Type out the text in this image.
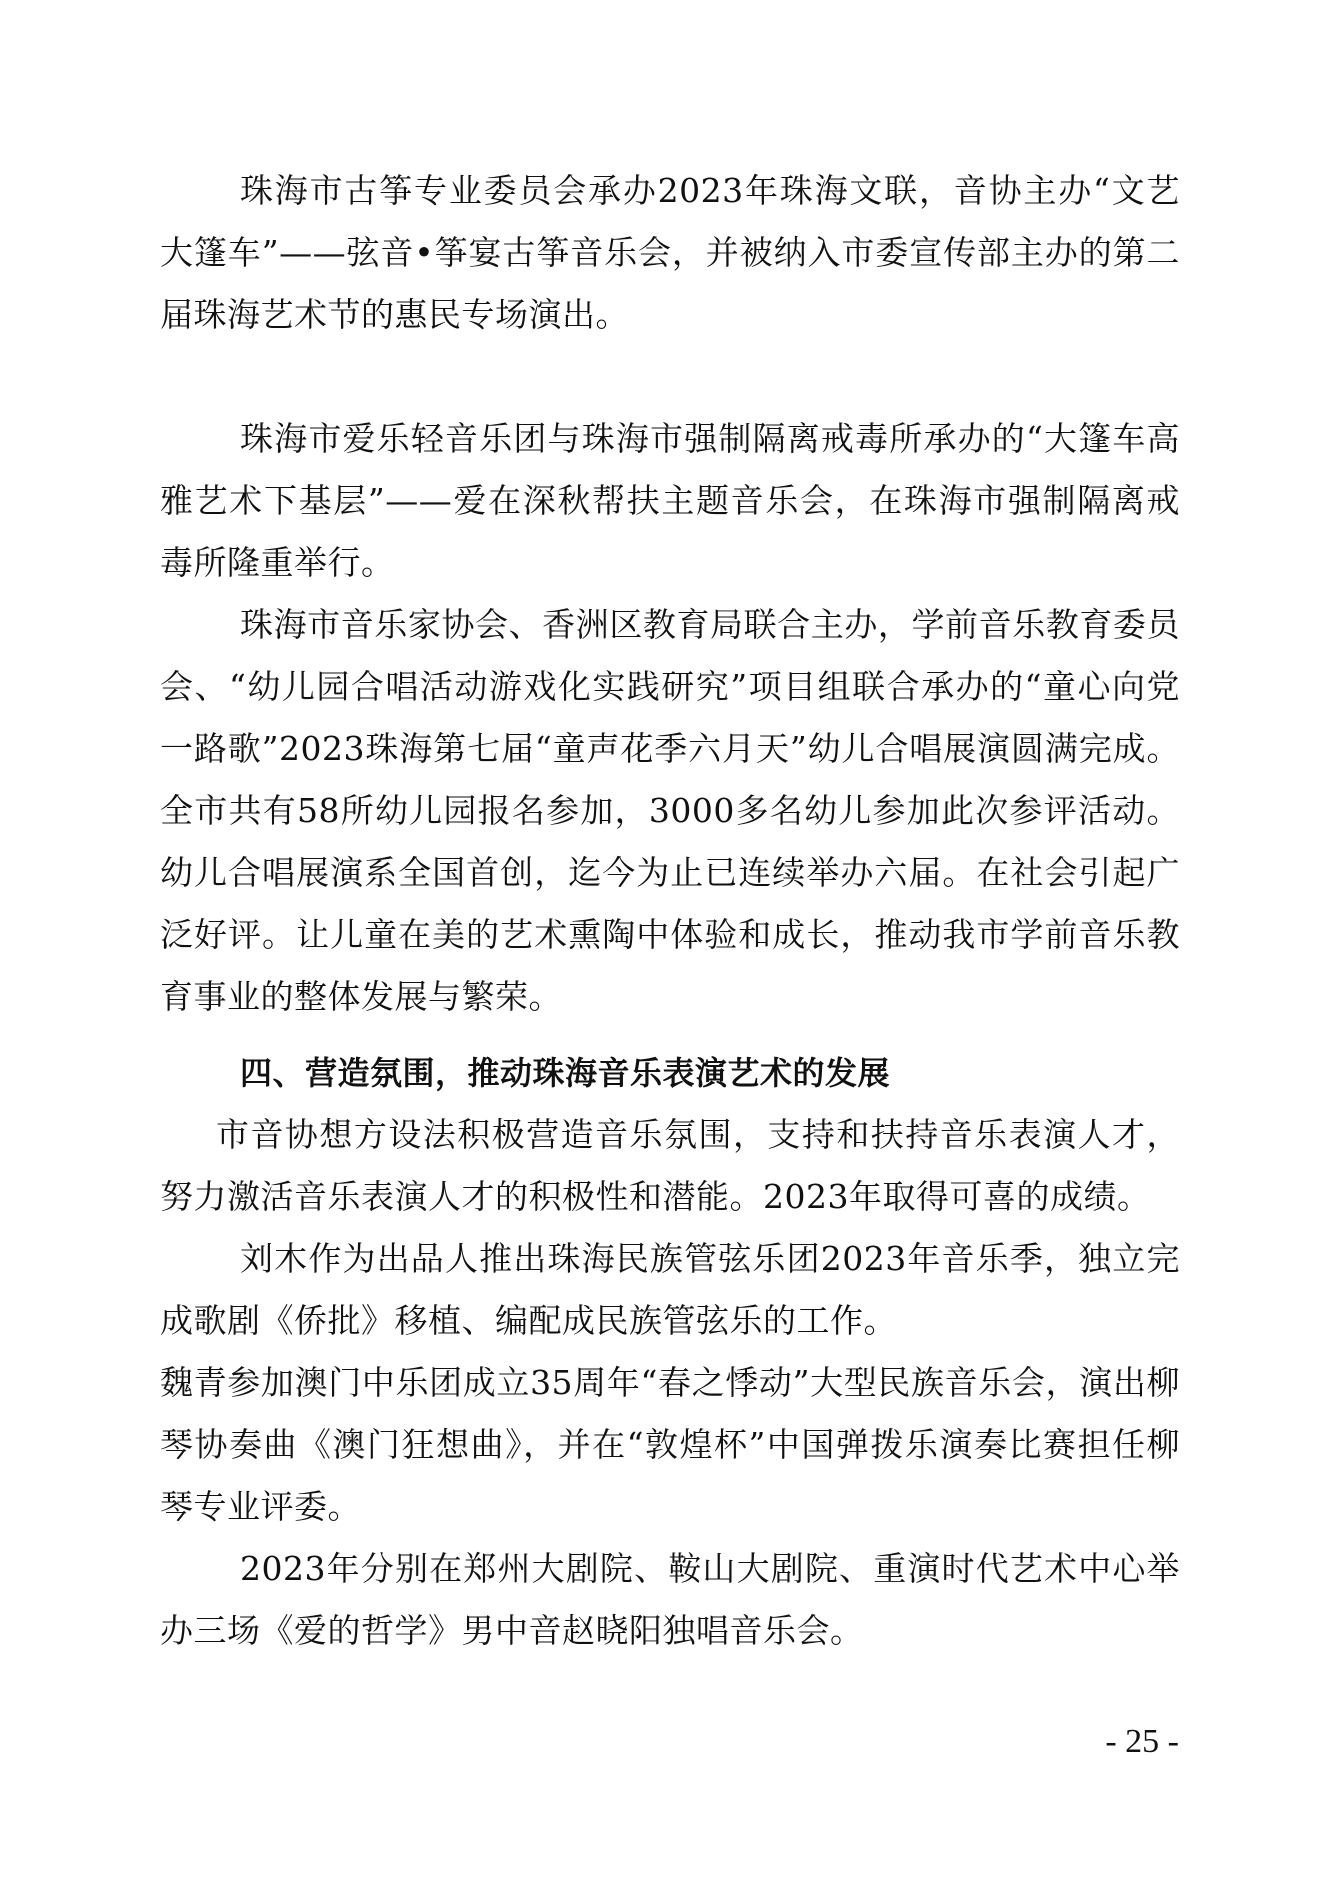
珠海市古筝专业委员会承办2023年珠海文联，音协主办“文艺大篷车”——弦音•筝宴古筝音乐会，并被纳入市委宣传部主办的第二届珠海艺术节的惠民专场演出。

珠海市爱乐轻音乐团与珠海市强制隔离戒毒所承办的“大篷车高雅艺术下基层”——爱在深秋帮扶主题音乐会，在珠海市强制隔离戒毒所隆重举行。

珠海市音乐家协会、香洲区教育局联合主办，学前音乐教育委员会、“幼儿园合唱活动游戏化实践研究”项目组联合承办的“童心向党一路歌”2023珠海第七届“童声花季六月天”幼儿合唱展演圆满完成。全市共有58所幼儿园报名参加，3000多名幼儿参加此次参评活动。幼儿合唱展演系全国首创，迄今为止已连续举办六届。在社会引起广泛好评。让儿童在美的艺术熏陶中体验和成长，推动我市学前音乐教育事业的整体发展与繁荣。

四、营造氛围，推动珠海音乐表演艺术的发展

市音协想方设法积极营造音乐氛围，支持和扶持音乐表演人才，努力激活音乐表演人才的积极性和潜能。2023年取得可喜的成绩。

刘木作为出品人推出珠海民族管弦乐团2023年音乐季，独立完成歌剧《侨批》移植、编配成民族管弦乐的工作。

魏青参加澳门中乐团成立35周年“春之悸动”大型民族音乐会，演出柳琴协奏曲《澳门狂想曲》，并在“敦煌杯”中国弹拨乐演奏比赛担任柳琴专业评委。

2023年分别在郑州大剧院、鞍山大剧院、重演时代艺术中心举办三场《爱的哲学》男中音赵晓阳独唱音乐会。

- 25 -
